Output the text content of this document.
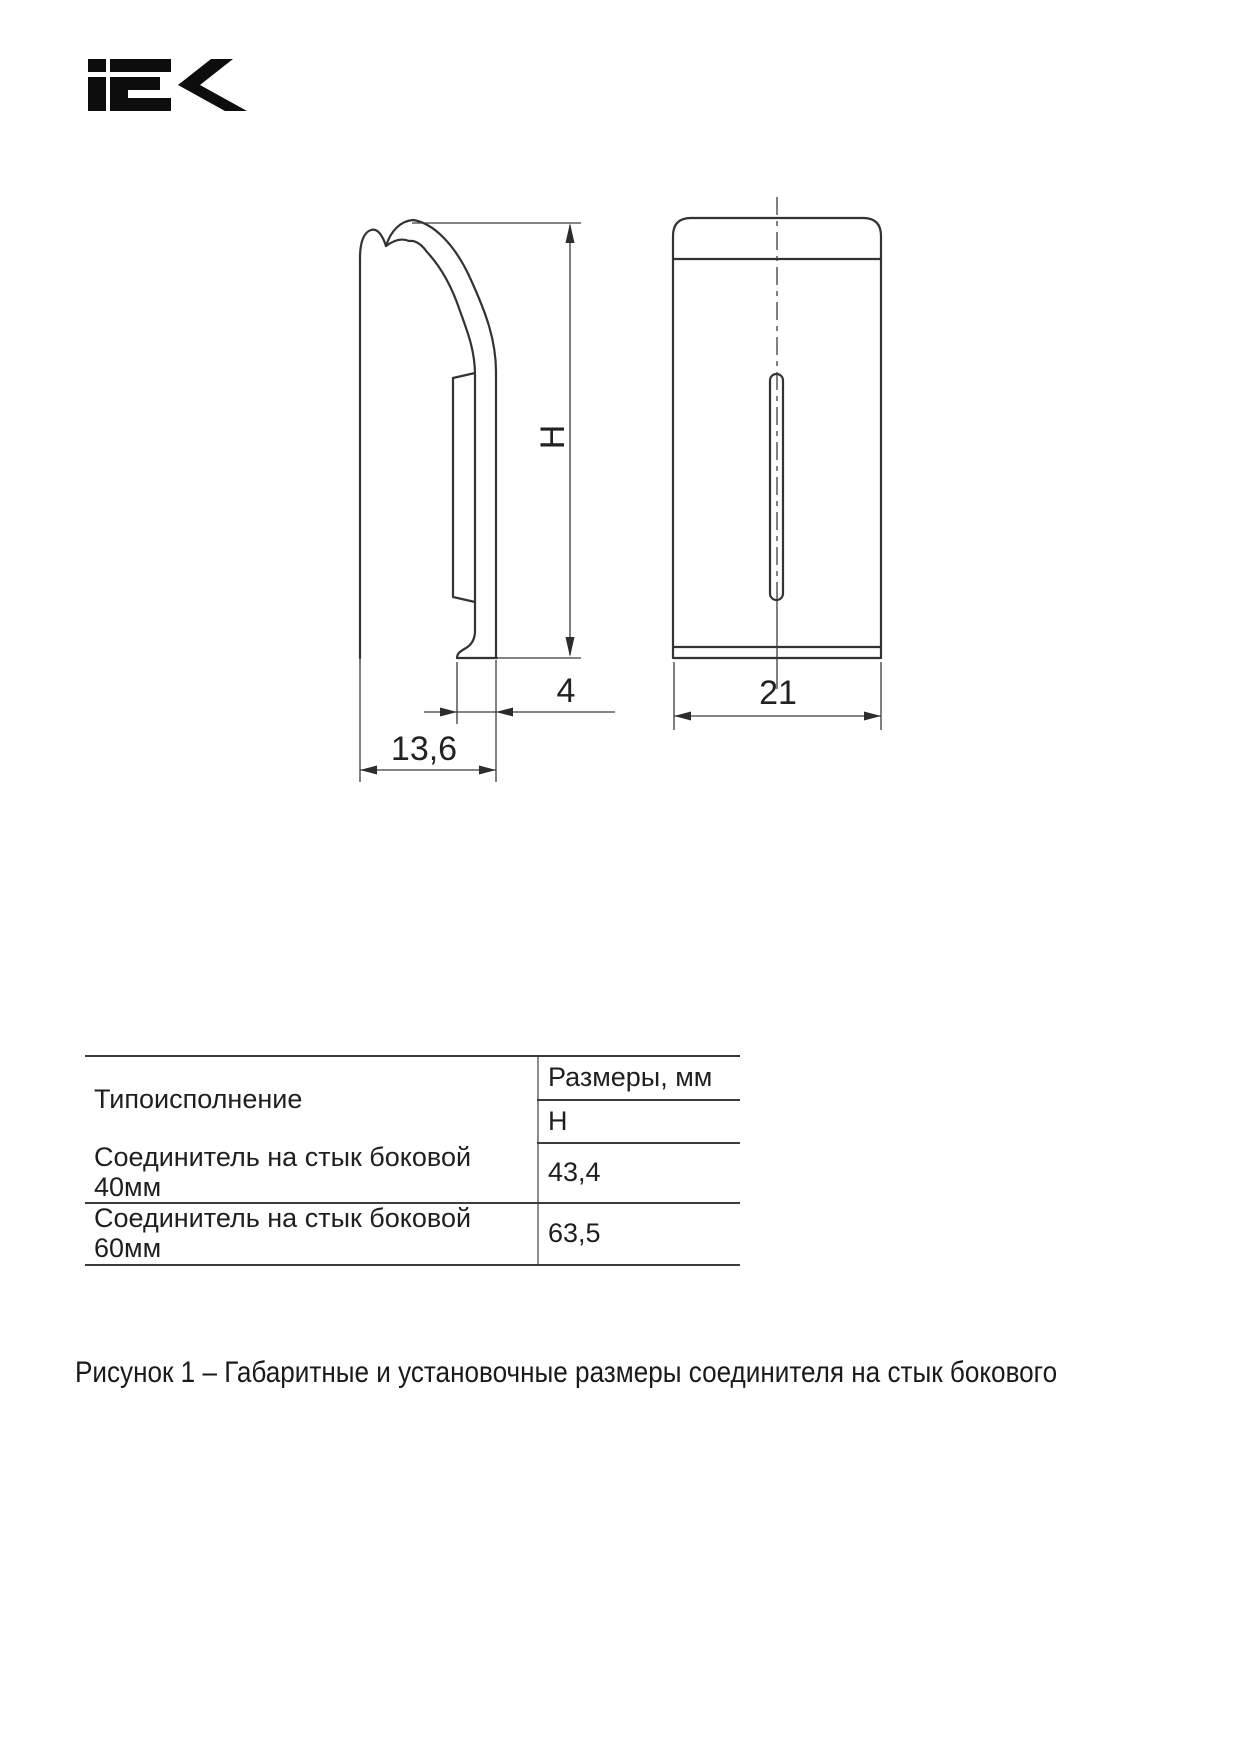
H
4
13,6
21
Типоисполнение	Размеры, мм
	H
Соединитель на стык боковой 40мм	43,4
Соединитель на стык боковой 60мм	63,5
Рисунок 1 – Габаритные и установочные размеры соединителя на стык бокового
